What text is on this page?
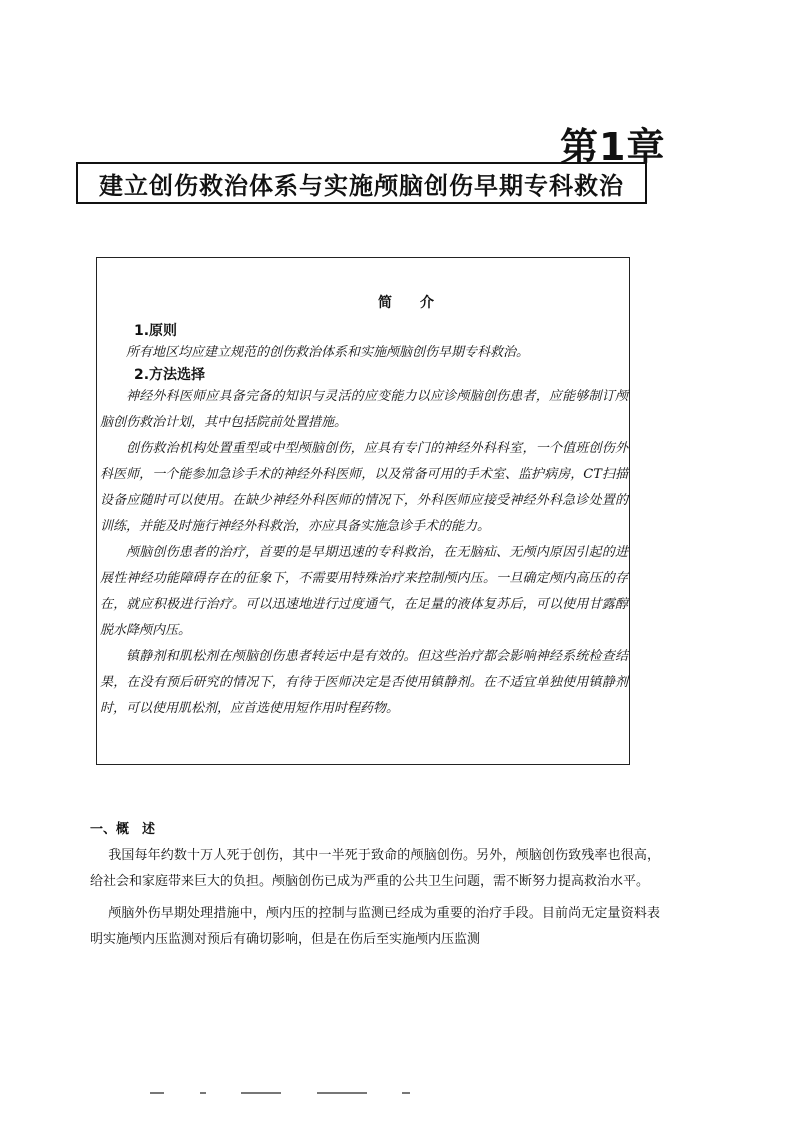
第1章
建立创伤救治体系与实施颅脑创伤早期专科救治
简 介
1.原则

所有地区均应建立规范的创伤救治体系和实施颅脑创伤早期专科救治。

2.方法选择

神经外科医师应具备完备的知识与灵活的应变能力以应诊颅脑创伤患者，应能够制订颅脑创伤救治计划，其中包括院前处置措施。

创伤救治机构处置重型或中型颅脑创伤，应具有专门的神经外科科室，一个值班创伤外科医师，一个能参加急诊手术的神经外科医师，以及常备可用的手术室、监护病房，CT扫描设备应随时可以使用。在缺少神经外科医师的情况下，外科医师应接受神经外科急诊处置的训练，并能及时施行神经外科救治，亦应具备实施急诊手术的能力。

颅脑创伤患者的治疗，首要的是早期迅速的专科救治，在无脑疝、无颅内原因引起的进展性神经功能障碍存在的征象下，不需要用特殊治疗来控制颅内压。一旦确定颅内高压的存在，就应积极进行治疗。可以迅速地进行过度通气，在足量的液体复苏后，可以使用甘露醇脱水降颅内压。

镇静剂和肌松剂在颅脑创伤患者转运中是有效的。但这些治疗都会影响神经系统检查结果，在没有预后研究的情况下，有待于医师决定是否使用镇静剂。在不适宜单独使用镇静剂时，可以使用肌松剂，应首选使用短作用时程药物。

一、概　述

我国每年约数十万人死于创伤，其中一半死于致命的颅脑创伤。另外，颅脑创伤致残率也很高，给社会和家庭带来巨大的负担。颅脑创伤已成为严重的公共卫生问题，需不断努力提高救治水平。

颅脑外伤早期处理措施中，颅内压的控制与监测已经成为重要的治疗手段。目前尚无定量资料表明实施颅内压监测对预后有确切影响，但是在伤后至实施颅内压监测
